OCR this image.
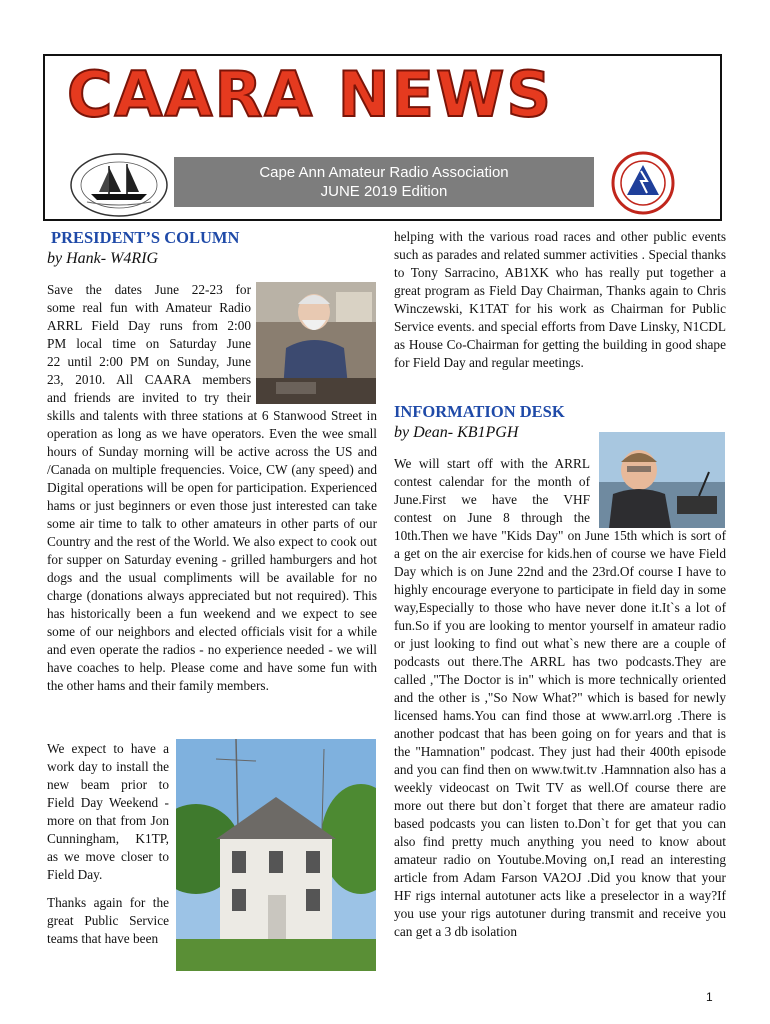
CAARA NEWS
Cape Ann Amateur Radio Association
JUNE 2019 Edition
PRESIDENT’S COLUMN
by Hank- W4RIG
Save the dates June 22-23 for
some real fun with Amateur Radio
ARRL Field Day runs from 2:00
PM local time on Saturday June
22 until 2:00 PM on Sunday, June
23, 2010. All CAARA members
and friends are invited to try their

skills and talents with three stations at 6 Stanwood Street in operation as long as we have operators. Even the wee small hours of Sunday morning will be active across the US and /Canada on multiple frequencies. Voice, CW (any speed) and Digital operations will be open for participation. Experienced hams or just beginners or even those just interested can take some air time to talk to other amateurs in other parts of our Country and the rest of the World. We also expect to cook out for supper on Saturday evening - grilled hamburgers and hot dogs and the usual compliments will be available for no charge (donations always appreciated but not required). This has historically been a fun weekend and we expect to see some of our neighbors and elected officials visit for a while and even operate the radios - no experience needed - we will have coaches to help. Please come and have some fun with the other hams and their family members.

We expect to have a work day to install the new beam prior to Field Day Weekend - more on that from Jon Cunningham, K1TP, as we move closer to Field Day.

Thanks again for the great Public Service teams that have been

helping with the various road races and other public events such as parades and related summer activities . Special thanks to Tony Sarracino, AB1XK who has really put together a great program as Field Day Chairman, Thanks again to Chris Winczewski, K1TAT for his work as Chairman for Public Service events. and special efforts from Dave Linsky, N1CDL as House Co-Chairman for getting the building in good shape for Field Day and regular meetings.

INFORMATION DESK
by Dean- KB1PGH
We will start off with the ARRL
contest calendar for the month of
June.First we have the VHF
contest on June 8 through the

10th.Then we have "Kids Day" on June 15th which is sort of a get on the air exercise for kids.hen of course we have Field Day which is on June 22nd and the 23rd.Of course I have to highly encourage everyone to participate in field day in some way,Especially to those who have never done it.It`s a lot of fun.So if you are looking to mentor yourself in amateur radio or just looking to find out what`s new there are a couple of podcasts out there.The ARRL has two podcasts.They are called ,"The Doctor is in" which is more technically oriented and the other is ,"So Now What?" which is based for newly licensed hams.You can find those at www.arrl.org .There is another podcast that has been going on for years and that is the "Hamnation" podcast. They just had their 400th episode and you can find then on www.twit.tv .Hamnnation also has a weekly videocast on Twit TV as well.Of course there are more out there but don`t forget that there are amateur radio based podcasts you can listen to.Don`t for get that you can also find pretty much anything you need to know about amateur radio on Youtube.Moving on,I read an interesting article from Adam Farson VA2OJ .Did you know that your HF rigs internal autotuner acts like a preselector in a way?If you use your rigs autotuner during transmit and receive you can get a 3 db isolation

1
